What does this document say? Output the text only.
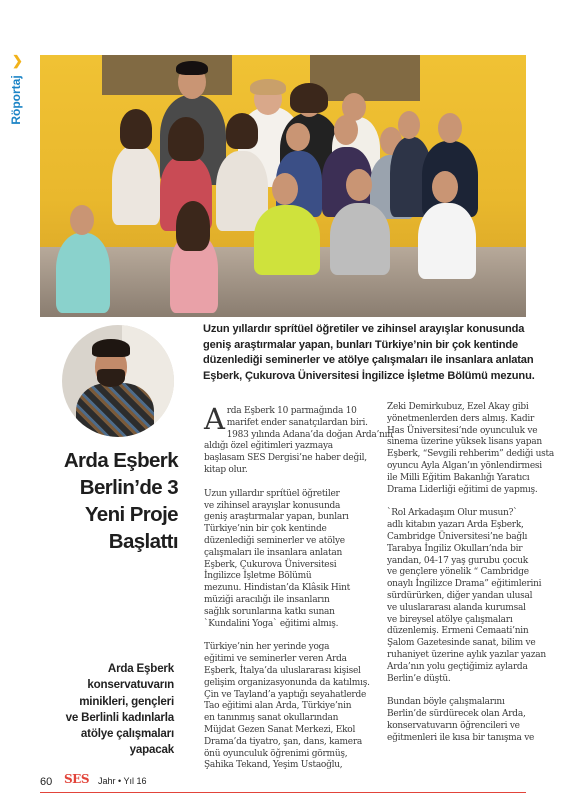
❯
Röportaj
Arda Eşberk
Berlin’de 3
Yeni Proje
Başlattı
Arda Eşberk
konservatuvarın
minikleri, gençleri
ve Berlinli kadınlarla
atölye çalışmaları
yapacak
Uzun yıllardır sprítüel öğretiler ve zihinsel arayışlar konusunda
geniş araştırmalar yapan, bunları Türkiye’nin bir çok kentinde
düzenlediği seminerler ve atölye çalışmaları ile insanlara anlatan
Eşberk, Çukurova Üniversitesi İngilizce İşletme Bölümü mezunu.
A rda Eşberk 10 parmağında 10
marifet ender sanatçılardan biri.
1983 yılında Adana’da doğan Arda’nın
aldığı özel eğitimleri yazmaya
başlasam SES Dergisi’ne haber değil,
kitap olur.
Uzun yıllardır sprítüel öğretiler
ve zihinsel arayışlar konusunda
geniş araştırmalar yapan, bunları
Türkiye’nin bir çok kentinde
düzenlediği seminerler ve atölye
çalışmaları ile insanlara anlatan
Eşberk, Çukurova Üniversitesi
İngilizce İşletme Bölümü
mezunu. Hindistan’da Klâsik Hint
müziği aracılığı ile insanların
sağlık sorunlarına katkı sunan
`Kundalini Yoga` eğitimi almış.
Türkiye’nin her yerinde yoga
eğitimi ve seminerler veren Arda
Eşberk, İtalya’da uluslararası kişisel
gelişim organizasyonunda da katılmış.
Çin ve Tayland’a yaptığı seyahatlerde
Tao eğitimi alan Arda, Türkiye’nin
en tanınmış sanat okullarından
Müjdat Gezen Sanat Merkezi, Ekol
Drama’da tiyatro, şan, dans, kamera
önü oyunculuk öğrenimi görmüş,
Şahika Tekand, Yeşim Ustaoğlu,
Zeki Demirkubuz, Ezel Akay gibi
yönetmenlerden ders almış. Kadir
Has Üniversitesi’nde oyunculuk ve
sinema üzerine yüksek lisans yapan
Eşberk, “Sevgili rehberim” dediği usta
oyuncu Ayla Algan’ın yönlendirmesi
ile Milli Eğitim Bakanlığı Yaratıcı
Drama Liderliği eğitimi de yapmış.
`Rol Arkadaşım Olur musun?`
adlı kitabın yazarı Arda Eşberk,
Cambridge Üniversitesi’ne bağlı
Tarabya İngiliz Okulları’nda bir
yandan, 04-17 yaş gurubu çocuk
ve gençlere yönelik “ Cambridge
onaylı İngilizce Drama” eğitimlerini
sürdürürken, diğer yandan ulusal
ve uluslararası alanda kurumsal
ve bireysel atölye çalışmaları
düzenlemiş. Ermeni Cemaati’nin
Şalom Gazetesinde sanat, bilim ve
ruhaniyet üzerine aylık yazılar yazan
Arda’nın yolu geçtiğimiz aylarda
Berlin’e düştü.
Bundan böyle çalışmalarını
Berlin’de sürdürecek olan Arda,
konservatuvarın öğrencileri ve
eğitmenleri ile kısa bir tanışma ve
60 SES Jahr • Yıl 16
